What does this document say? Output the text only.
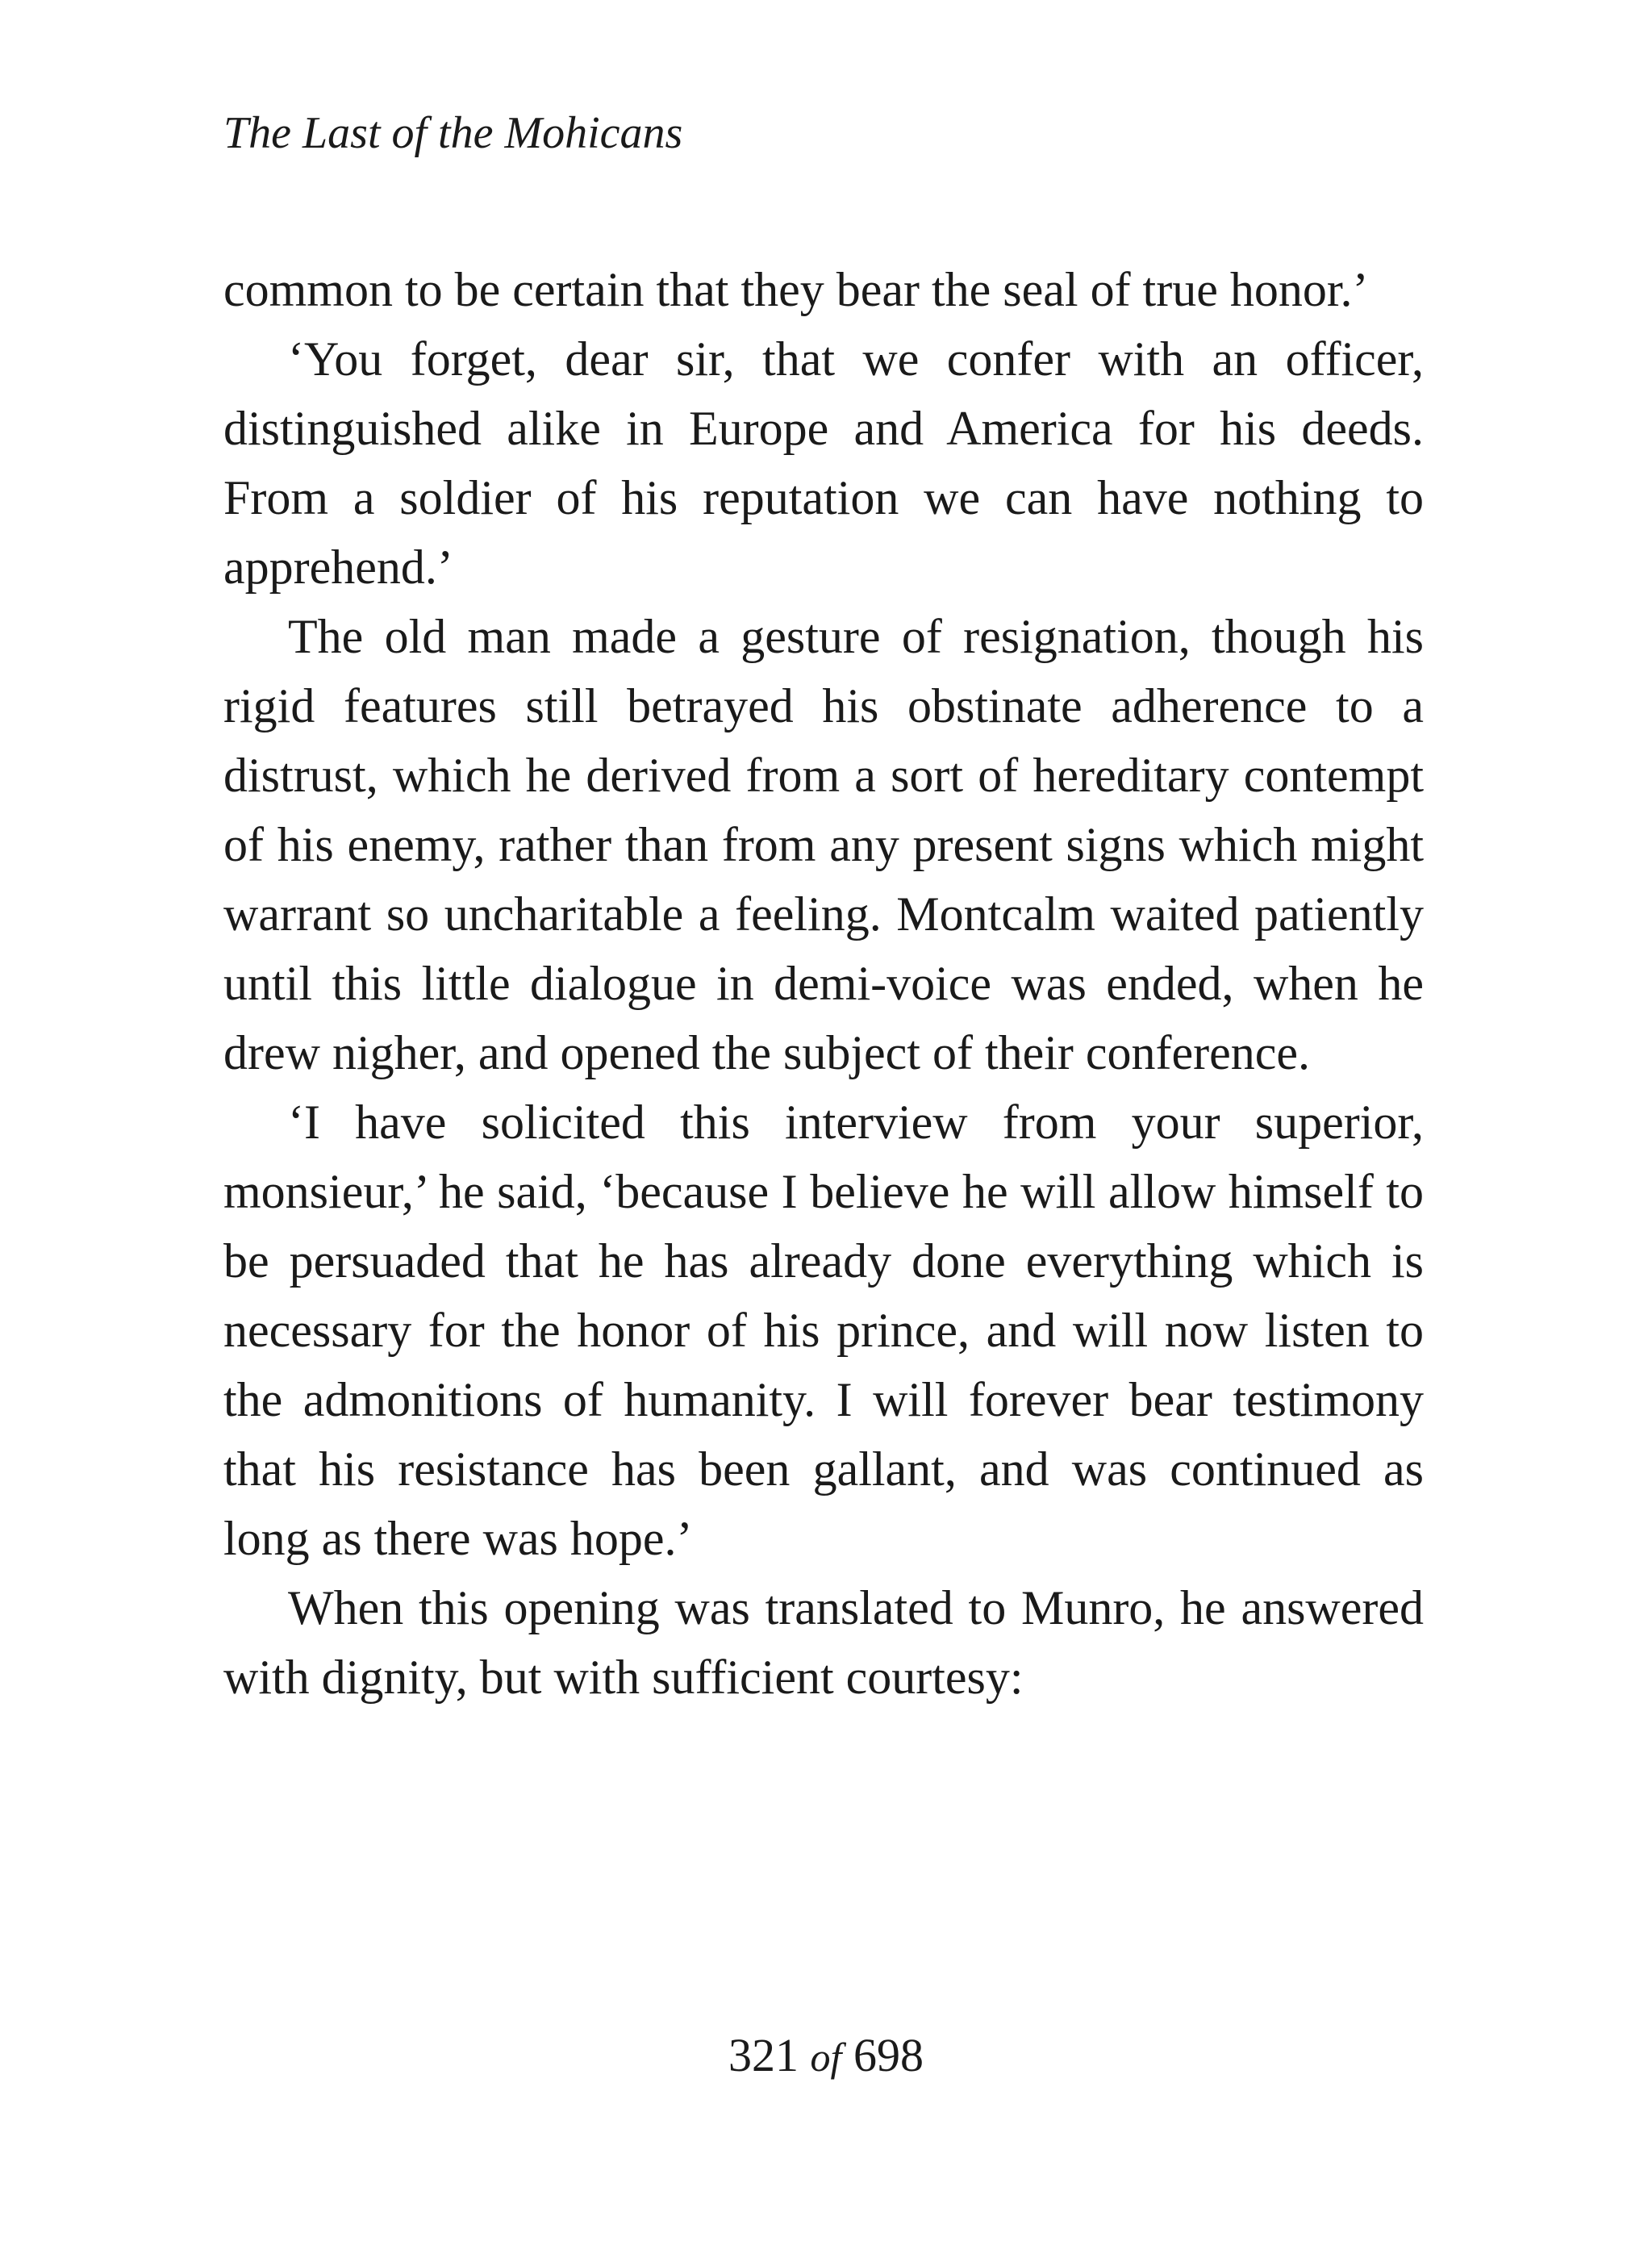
The Last of the Mohicans

common to be certain that they bear the seal of true honor.’

‘You forget, dear sir, that we confer with an officer, distinguished alike in Europe and America for his deeds. From a soldier of his reputation we can have nothing to apprehend.’

The old man made a gesture of resignation, though his rigid features still betrayed his obstinate adherence to a distrust, which he derived from a sort of hereditary contempt of his enemy, rather than from any present signs which might warrant so uncharitable a feeling. Montcalm waited patiently until this little dialogue in demi-voice was ended, when he drew nigher, and opened the subject of their conference.

‘I have solicited this interview from your superior, monsieur,’ he said, ‘because I believe he will allow himself to be persuaded that he has already done everything which is necessary for the honor of his prince, and will now listen to the admonitions of humanity. I will forever bear testimony that his resistance has been gallant, and was continued as long as there was hope.’

When this opening was translated to Munro, he answered with dignity, but with sufficient courtesy:

321 of 698
